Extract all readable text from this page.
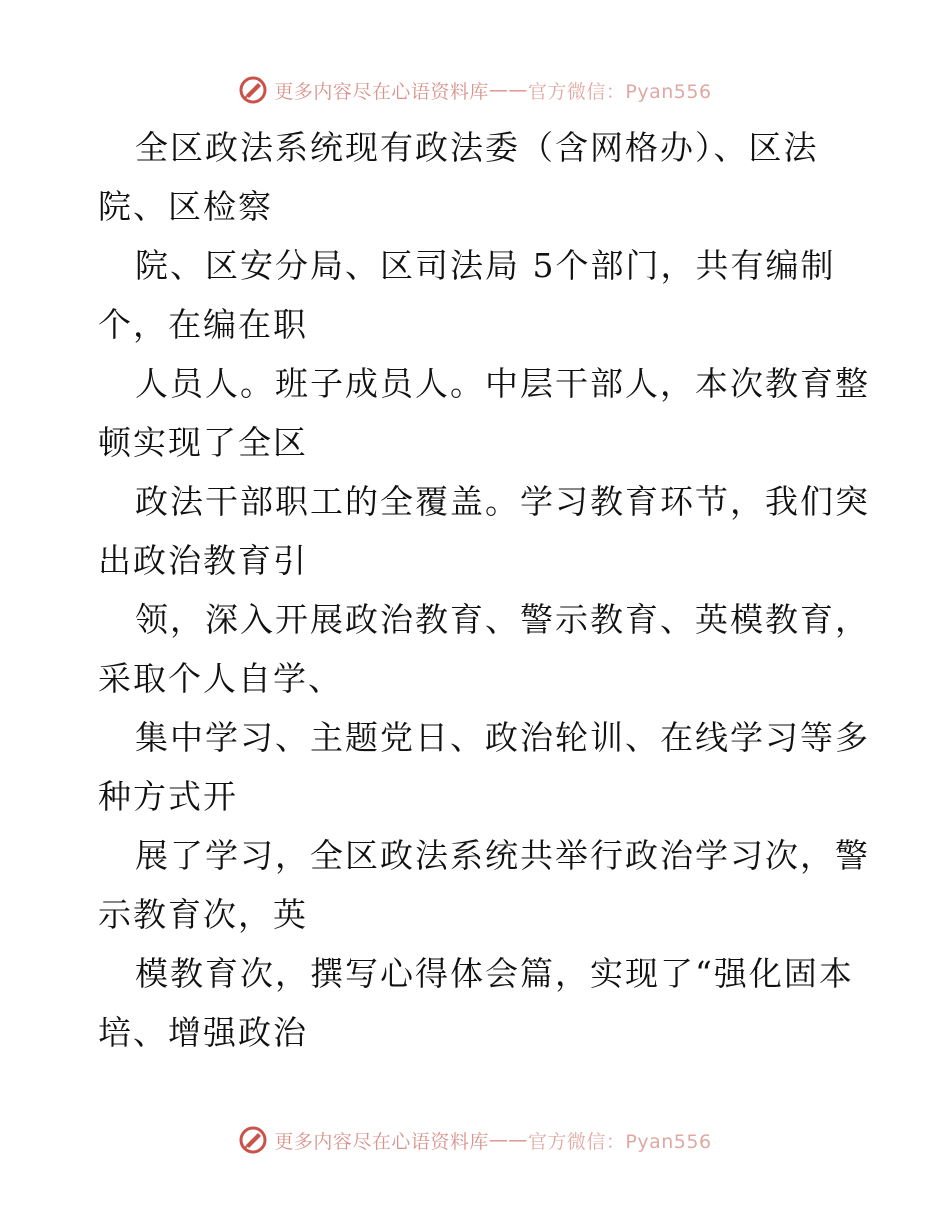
更多内容尽在心语资料库 —— 官方微信：Pyan556

全区政法系统现有政法委（含网格办）、区法

院、区检察

院、区安分局、区司法局 5个部门，共有编制

个，在编在职

人员人。班子成员人。中层干部人，本次教育整

顿实现了全区

政法干部职工的全覆盖。学习教育环节，我们突

出政治教育引

领，深入开展政治教育、警示教育、英模教育，

采取个人自学、

集中学习、主题党日、政治轮训、在线学习等多

种方式开

展了学习，全区政法系统共举行政治学习次，警

示教育次，英

模教育次，撰写心得体会篇，实现了“强化固本

培、增强政治

更多内容尽在心语资料库 —— 官方微信：Pyan556
